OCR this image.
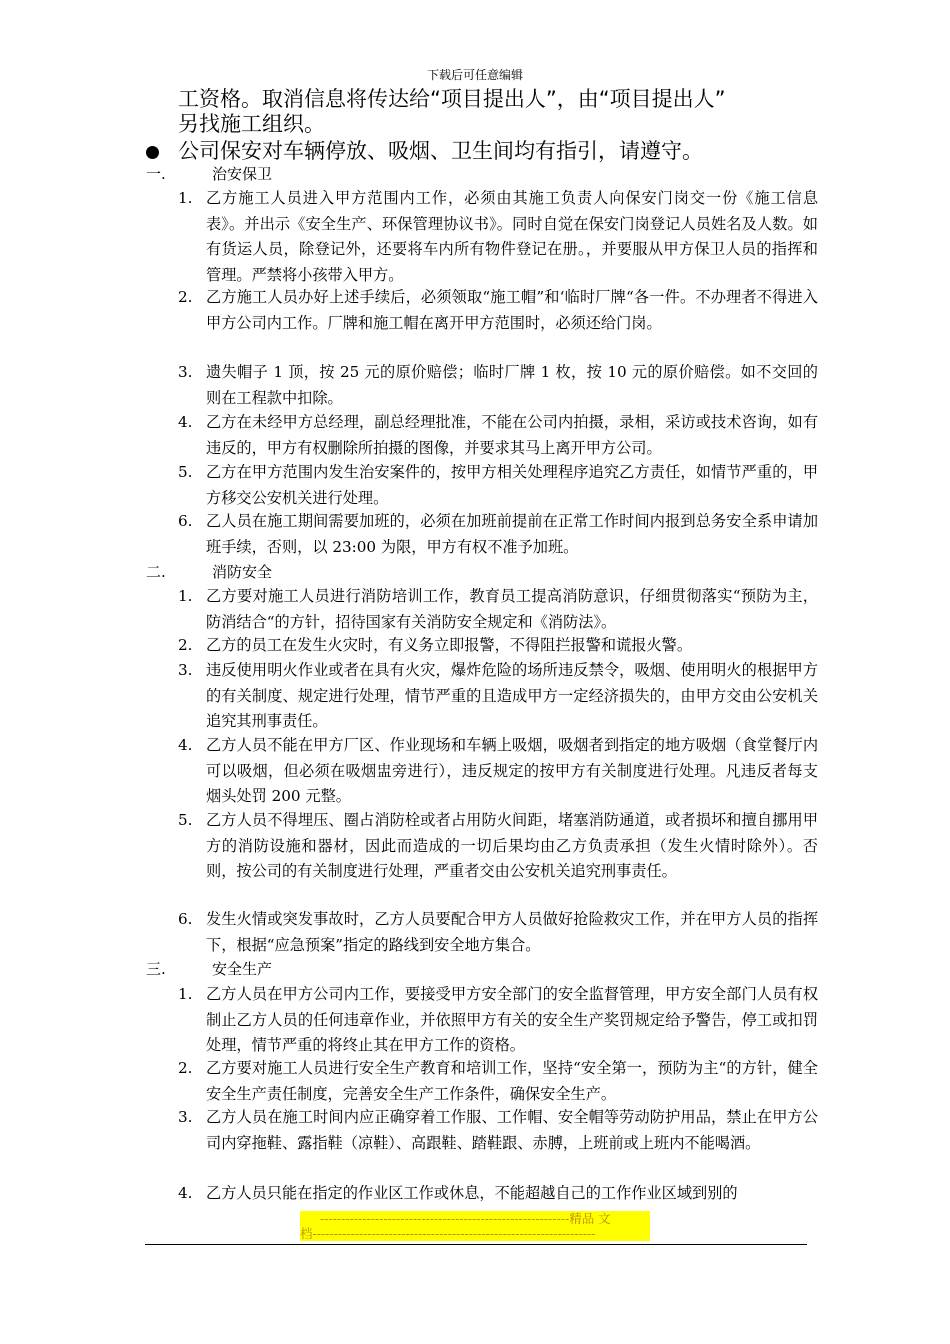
下载后可任意编辑

工资格。取消信息将传达给“项目提出人”，由“项目提出人”

另找施工组织。

公司保安对车辆停放、吸烟、卫生间均有指引，请遵守。

一.	治安保卫
1. 乙方施工人员进入甲方范围内工作，必须由其施工负责人向保安门岗交一份《施工信息表》。并出示《安全生产、环保管理协议书》。同时自觉在保安门岗登记人员姓名及人数。如有货运人员，除登记外，还要将车内所有物件登记在册。，并要服从甲方保卫人员的指挥和管理。严禁将小孩带入甲方。
2. 乙方施工人员办好上述手续后，必须领取“施工帽”和‘临时厂牌“各一件。不办理者不得进入甲方公司内工作。厂牌和施工帽在离开甲方范围时，必须还给门岗。
3. 遗失帽子 1 顶，按 25 元的原价赔偿；临时厂牌 1 枚，按 10 元的原价赔偿。如不交回的则在工程款中扣除。
4. 乙方在未经甲方总经理，副总经理批准，不能在公司内拍摄，录相，采访或技术咨询，如有违反的，甲方有权删除所拍摄的图像，并要求其马上离开甲方公司。
5. 乙方在甲方范围内发生治安案件的，按甲方相关处理程序追究乙方责任，如情节严重的，甲方移交公安机关进行处理。
6. 乙人员在施工期间需要加班的，必须在加班前提前在正常工作时间内报到总务安全系申请加班手续，否则，以 23:00 为限，甲方有权不准予加班。
二.	消防安全
1. 乙方要对施工人员进行消防培训工作，教育员工提高消防意识，仔细贯彻落实“预防为主，防消结合“的方针，招待国家有关消防安全规定和《消防法》。
2. 乙方的员工在发生火灾时，有义务立即报警，不得阻拦报警和谎报火警。
3. 违反使用明火作业或者在具有火灾，爆炸危险的场所违反禁令，吸烟、使用明火的根据甲方的有关制度、规定进行处理，情节严重的且造成甲方一定经济损失的，由甲方交由公安机关追究其刑事责任。
4. 乙方人员不能在甲方厂区、作业现场和车辆上吸烟，吸烟者到指定的地方吸烟（食堂餐厅内可以吸烟，但必须在吸烟盅旁进行），违反规定的按甲方有关制度进行处理。凡违反者每支烟头处罚 200 元整。
5. 乙方人员不得埋压、圈占消防栓或者占用防火间距，堵塞消防通道，或者损坏和擅自挪用甲方的消防设施和器材，因此而造成的一切后果均由乙方负责承担（发生火情时除外）。否则，按公司的有关制度进行处理，严重者交由公安机关追究刑事责任。
6. 发生火情或突发事故时，乙方人员要配合甲方人员做好抢险救灾工作，并在甲方人员的指挥下，根据“应急预案”指定的路线到安全地方集合。
三.	安全生产
1. 乙方人员在甲方公司内工作，要接受甲方安全部门的安全监督管理，甲方安全部门人员有权制止乙方人员的任何违章作业，并依照甲方有关的安全生产奖罚规定给予警告，停工或扣罚处理，情节严重的将终止其在甲方工作的资格。
2. 乙方要对施工人员进行安全生产教育和培训工作，坚持“安全第一，预防为主“的方针，健全安全生产责任制度，完善安全生产工作条件，确保安全生产。
3. 乙方人员在施工时间内应正确穿着工作服、工作帽、安全帽等劳动防护用品，禁止在甲方公司内穿拖鞋、露指鞋（凉鞋）、高跟鞋、踏鞋跟、赤膊，上班前或上班内不能喝酒。
4. 乙方人员只能在指定的作业区工作或休息，不能超越自己的工作作业区域到别的
-----------------------------------------------------------精品 文
档-------------------------------------------------------------------
